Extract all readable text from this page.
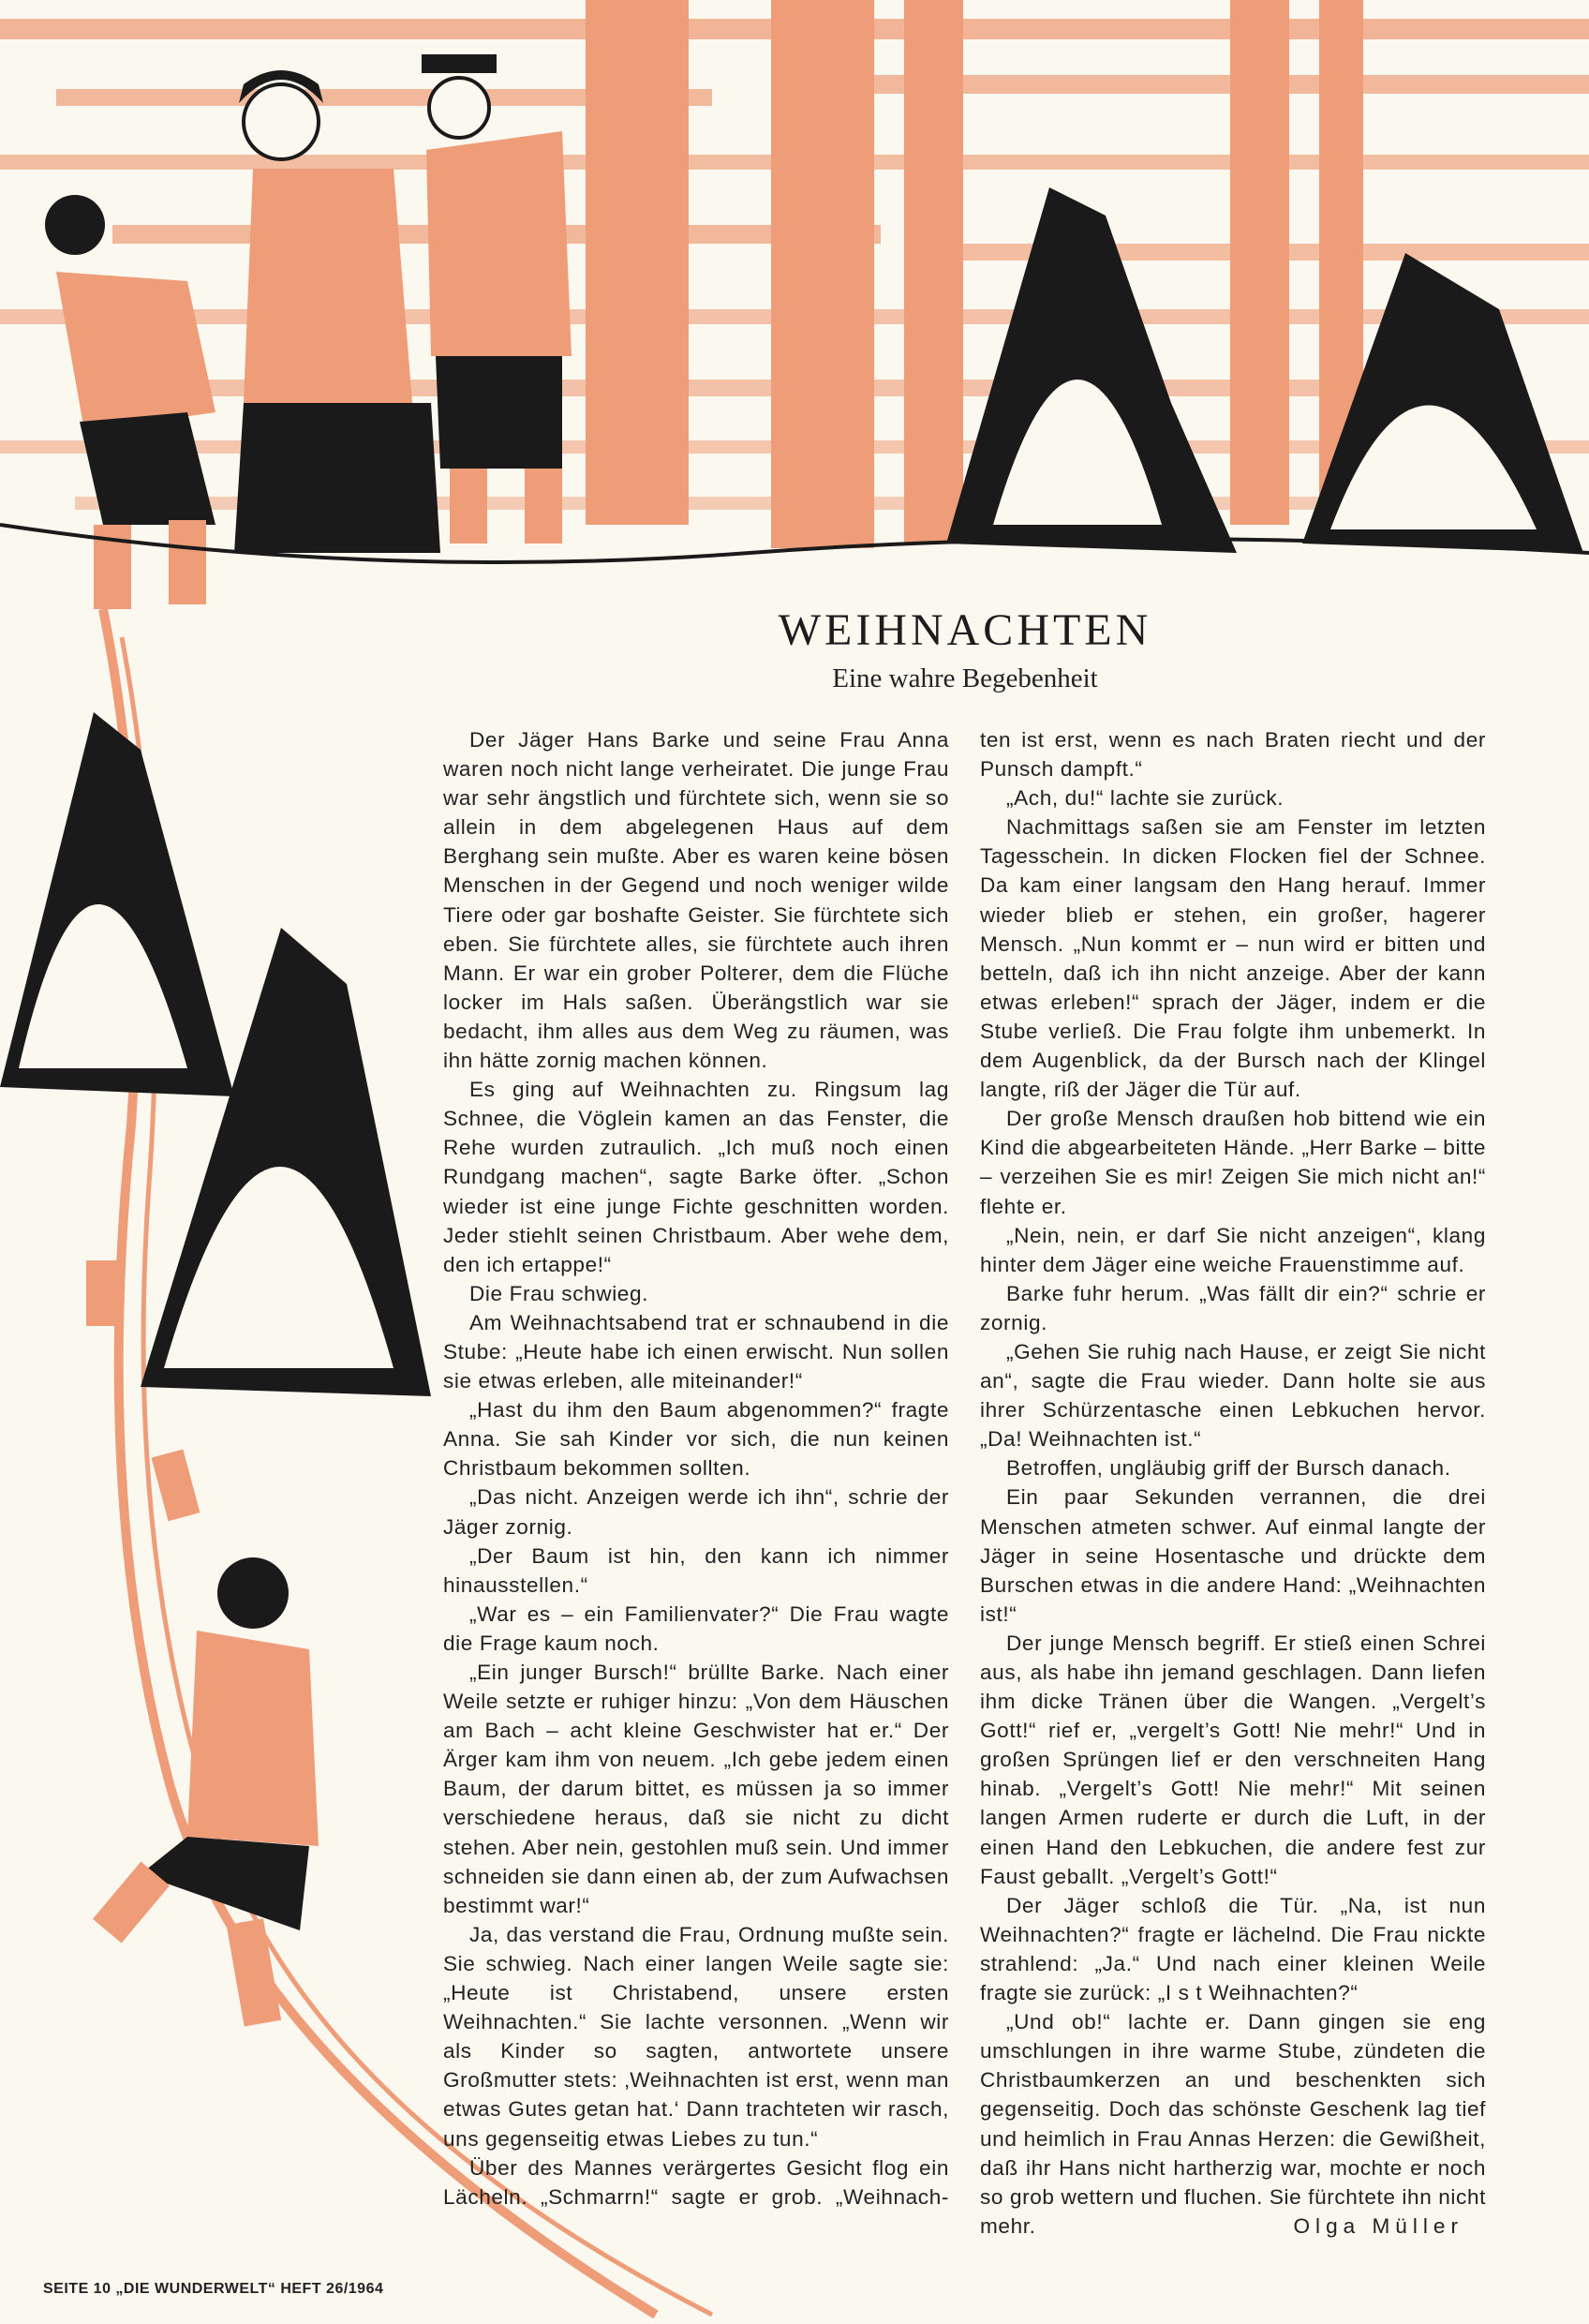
WEIHNACHTEN
Eine wahre Begebenheit

Der Jäger Hans Barke und seine Frau Anna waren noch nicht lange verheiratet. Die junge Frau war sehr ängstlich und fürchtete sich, wenn sie so allein in dem abgelegenen Haus auf dem Berghang sein mußte. Aber es waren keine bösen Menschen in der Gegend und noch weniger wilde Tiere oder gar boshafte Geister. Sie fürchtete sich eben. Sie fürchtete alles, sie fürchtete auch ihren Mann. Er war ein grober Polterer, dem die Flüche locker im Hals saßen. Überängstlich war sie bedacht, ihm alles aus dem Weg zu räumen, was ihn hätte zornig machen können.

Es ging auf Weihnachten zu. Ringsum lag Schnee, die Vöglein kamen an das Fenster, die Rehe wurden zutraulich. „Ich muß noch einen Rundgang machen“, sagte Barke öfter. „Schon wieder ist eine junge Fichte geschnitten worden. Jeder stiehlt seinen Christbaum. Aber wehe dem, den ich ertappe!“

Die Frau schwieg.

Am Weihnachtsabend trat er schnaubend in die Stube: „Heute habe ich einen erwischt. Nun sollen sie etwas erleben, alle miteinander!“

„Hast du ihm den Baum abgenommen?“ fragte Anna. Sie sah Kinder vor sich, die nun keinen Christbaum bekommen sollten.

„Das nicht. Anzeigen werde ich ihn“, schrie der Jäger zornig.

„Der Baum ist hin, den kann ich nimmer hinausstellen.“

„War es – ein Familienvater?“ Die Frau wagte die Frage kaum noch.

„Ein junger Bursch!“ brüllte Barke. Nach einer Weile setzte er ruhiger hinzu: „Von dem Häuschen am Bach – acht kleine Geschwister hat er.“ Der Ärger kam ihm von neuem. „Ich gebe jedem einen Baum, der darum bittet, es müssen ja so immer verschiedene heraus, daß sie nicht zu dicht stehen. Aber nein, gestohlen muß sein. Und immer schneiden sie dann einen ab, der zum Aufwachsen bestimmt war!“

Ja, das verstand die Frau, Ordnung mußte sein. Sie schwieg. Nach einer langen Weile sagte sie: „Heute ist Christabend, unsere ersten Weihnachten.“ Sie lachte versonnen. „Wenn wir als Kinder so sagten, antwortete unsere Großmutter stets: ‚Weihnachten ist erst, wenn man etwas Gutes getan hat.‘ Dann trachteten wir rasch, uns gegenseitig etwas Liebes zu tun.“

Über des Mannes verärgertes Gesicht flog ein Lächeln. „Schmarrn!“ sagte er grob. „Weihnach-

ten ist erst, wenn es nach Braten riecht und der Punsch dampft.“

„Ach, du!“ lachte sie zurück.

Nachmittags saßen sie am Fenster im letzten Tagesschein. In dicken Flocken fiel der Schnee. Da kam einer langsam den Hang herauf. Immer wieder blieb er stehen, ein großer, hagerer Mensch. „Nun kommt er – nun wird er bitten und betteln, daß ich ihn nicht anzeige. Aber der kann etwas erleben!“ sprach der Jäger, indem er die Stube verließ. Die Frau folgte ihm unbemerkt. In dem Augenblick, da der Bursch nach der Klingel langte, riß der Jäger die Tür auf.

Der große Mensch draußen hob bittend wie ein Kind die abgearbeiteten Hände. „Herr Barke – bitte – verzeihen Sie es mir! Zeigen Sie mich nicht an!“ flehte er.

„Nein, nein, er darf Sie nicht anzeigen“, klang hinter dem Jäger eine weiche Frauenstimme auf.

Barke fuhr herum. „Was fällt dir ein?“ schrie er zornig.

„Gehen Sie ruhig nach Hause, er zeigt Sie nicht an“, sagte die Frau wieder. Dann holte sie aus ihrer Schürzentasche einen Lebkuchen hervor. „Da! Weihnachten ist.“

Betroffen, ungläubig griff der Bursch danach.

Ein paar Sekunden verrannen, die drei Menschen atmeten schwer. Auf einmal langte der Jäger in seine Hosentasche und drückte dem Burschen etwas in die andere Hand: „Weihnachten ist!“

Der junge Mensch begriff. Er stieß einen Schrei aus, als habe ihn jemand geschlagen. Dann liefen ihm dicke Tränen über die Wangen. „Vergelt’s Gott!“ rief er, „vergelt’s Gott! Nie mehr!“ Und in großen Sprüngen lief er den verschneiten Hang hinab. „Vergelt’s Gott! Nie mehr!“ Mit seinen langen Armen ruderte er durch die Luft, in der einen Hand den Lebkuchen, die andere fest zur Faust geballt. „Vergelt’s Gott!“

Der Jäger schloß die Tür. „Na, ist nun Weihnachten?“ fragte er lächelnd. Die Frau nickte strahlend: „Ja.“ Und nach einer kleinen Weile fragte sie zurück: „I s t Weihnachten?“

„Und ob!“ lachte er. Dann gingen sie eng umschlungen in ihre warme Stube, zündeten die Christbaumkerzen an und beschenkten sich gegenseitig. Doch das schönste Geschenk lag tief und heimlich in Frau Annas Herzen: die Gewißheit, daß ihr Hans nicht hartherzig war, mochte er noch so grob wettern und fluchen. Sie fürchtete ihn nicht mehr.	Olga Müller

SEITE 10 „DIE WUNDERWELT“ HEFT 26/1964
